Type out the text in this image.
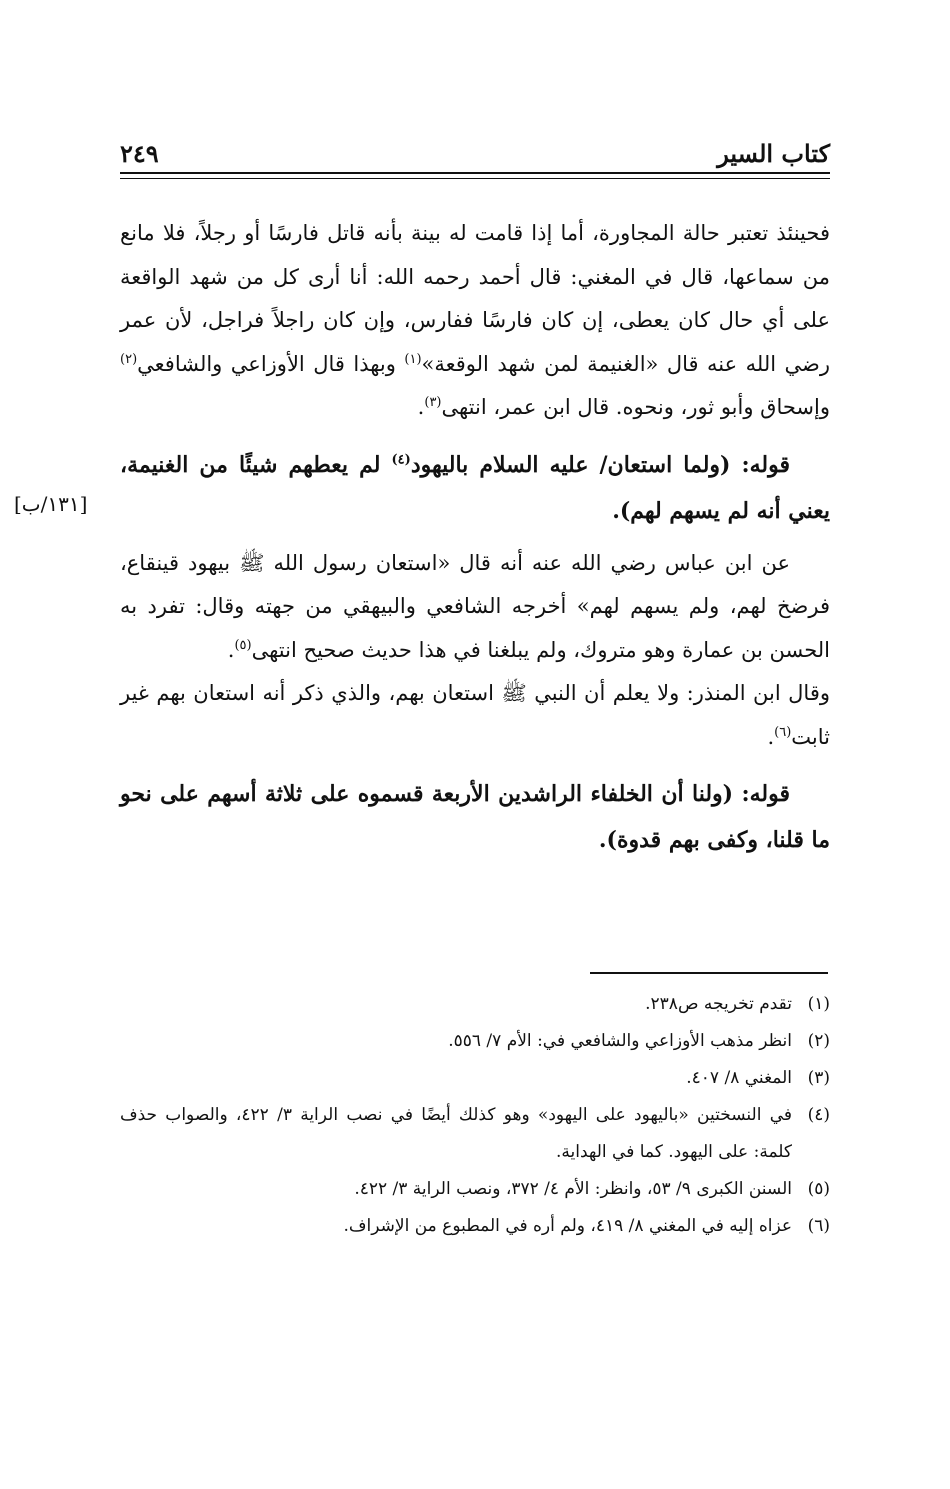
كتاب السير
٢٤٩
[١٣١/ب]

فحينئذ تعتبر حالة المجاورة، أما إذا قامت له بينة بأنه قاتل فارسًا أو رجلاً، فلا مانع من سماعها، قال في المغني: قال أحمد رحمه الله: أنا أرى كل من شهد الواقعة على أي حال كان يعطى، إن كان فارسًا ففارس، وإن كان راجلاً فراجل، لأن عمر رضي الله عنه قال «الغنيمة لمن شهد الوقعة»$^{(١)}$ وبهذا قال الأوزاعي والشافعي$^{(٢)}$ وإسحاق وأبو ثور، ونحوه. قال ابن عمر، انتهى$^{(٣)}$.

قوله: (ولما استعان/ عليه السلام باليهود$^{(٤)}$ لم يعطهم شيئًا من الغنيمة، يعني أنه لم يسهم لهم).

عن ابن عباس رضي الله عنه أنه قال «استعان رسول الله ﷺ بيهود قينقاع، فرضخ لهم، ولم يسهم لهم» أخرجه الشافعي والبيهقي من جهته وقال: تفرد به الحسن بن عمارة وهو متروك، ولم يبلغنا في هذا حديث صحيح انتهى$^{(٥)}$.

وقال ابن المنذر: ولا يعلم أن النبي ﷺ استعان بهم، والذي ذكر أنه استعان بهم غير ثابت$^{(٦)}$.

قوله: (ولنا أن الخلفاء الراشدين الأربعة قسموه على ثلاثة أسهم على نحو ما قلنا، وكفى بهم قدوة).

(١)
تقدم تخريجه ص٢٣٨.
(٢)
انظر مذهب الأوزاعي والشافعي في: الأم ٧/ ٥٥٦.
(٣)
المغني ٨/ ٤٠٧.
(٤)
في النسختين «باليهود على اليهود» وهو كذلك أيضًا في نصب الراية ٣/ ٤٢٢، والصواب حذف كلمة: على اليهود. كما في الهداية.
(٥)
السنن الكبرى ٩/ ٥٣، وانظر: الأم ٤/ ٣٧٢، ونصب الراية ٣/ ٤٢٢.
(٦)
عزاه إليه في المغني ٨/ ٤١٩، ولم أره في المطبوع من الإشراف.
